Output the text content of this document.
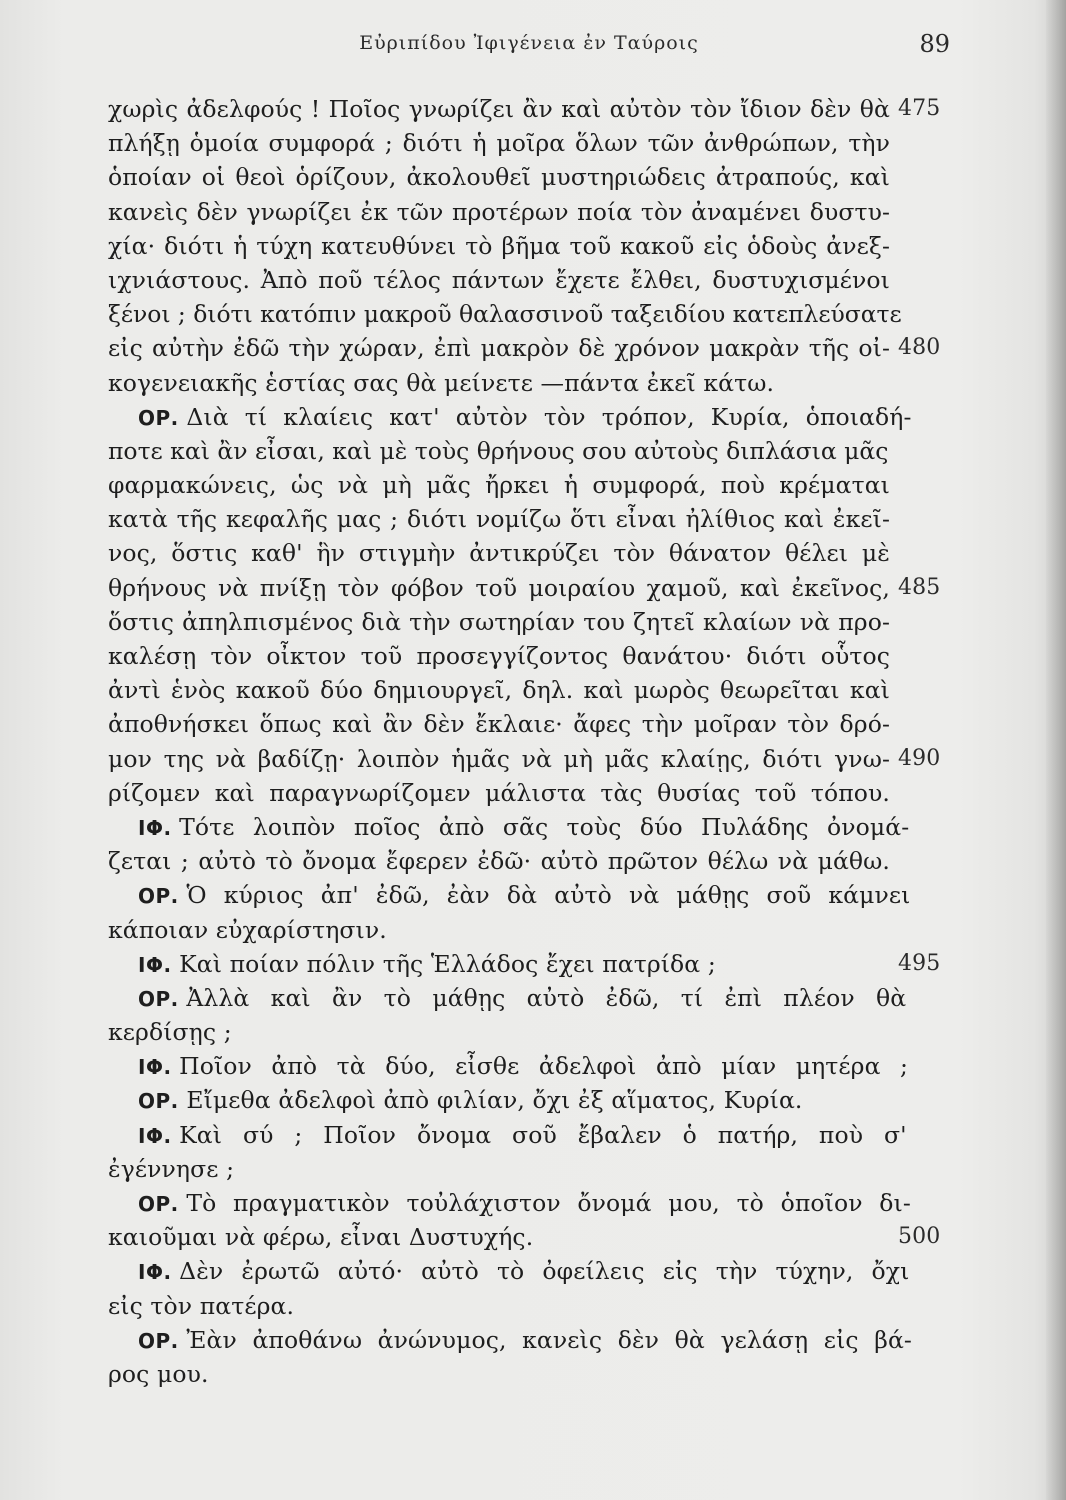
Εὐριπίδου Ἰφιγένεια ἐν Ταύροις	89
χωρὶς ἀδελφούς ! Ποῖος γνωρίζει ἂν καὶ αὐτὸν τὸν ἴδιον δὲν θὰ 475
πλήξῃ ὁμοία συμφορά ; διότι ἡ μοῖρα ὅλων τῶν ἀνθρώπων, τὴν
ὁποίαν οἱ θεοὶ ὁρίζουν, ἀκολουθεῖ μυστηριώδεις ἀτραπούς, καὶ
κανεὶς δὲν γνωρίζει ἐκ τῶν προτέρων ποία τὸν ἀναμένει δυστυ-
χία· διότι ἡ τύχη κατευθύνει τὸ βῆμα τοῦ κακοῦ εἰς ὁδοὺς ἀνεξ-
ιχνιάστους. Ἀπὸ ποῦ τέλος πάντων ἔχετε ἔλθει, δυστυχισμένοι
ξένοι ; διότι κατόπιν μακροῦ θαλασσινοῦ ταξειδίου κατεπλεύσατε
εἰς αὐτὴν ἐδῶ τὴν χώραν, ἐπὶ μακρὸν δὲ χρόνον μακρὰν τῆς οἰ- 480
κογενειακῆς ἑστίας σας θὰ μείνετε —πάντα ἐκεῖ κάτω.
ΟΡ. Διὰ τί κλαίεις κατ' αὐτὸν τὸν τρόπον, Κυρία, ὁποιαδή-
ποτε καὶ ἂν εἶσαι, καὶ μὲ τοὺς θρήνους σου αὐτοὺς διπλάσια μᾶς
φαρμακώνεις, ὡς νὰ μὴ μᾶς ἤρκει ἡ συμφορά, ποὺ κρέμαται
κατὰ τῆς κεφαλῆς μας ; διότι νομίζω ὅτι εἶναι ἠλίθιος καὶ ἐκεῖ-
νος, ὅστις καθ' ἣν στιγμὴν ἀντικρύζει τὸν θάνατον θέλει μὲ
θρήνους νὰ πνίξῃ τὸν φόβον τοῦ μοιραίου χαμοῦ, καὶ ἐκεῖνος, 485
ὅστις ἀπηλπισμένος διὰ τὴν σωτηρίαν του ζητεῖ κλαίων νὰ προ-
καλέσῃ τὸν οἶκτον τοῦ προσεγγίζοντος θανάτου· διότι οὗτος
ἀντὶ ἑνὸς κακοῦ δύο δημιουργεῖ, δηλ. καὶ μωρὸς θεωρεῖται καὶ
ἀποθνήσκει ὅπως καὶ ἂν δὲν ἔκλαιε· ἄφες τὴν μοῖραν τὸν δρό-
μον της νὰ βαδίζῃ· λοιπὸν ἡμᾶς νὰ μὴ μᾶς κλαίῃς, διότι γνω- 490
ρίζομεν καὶ παραγνωρίζομεν μάλιστα τὰς θυσίας τοῦ τόπου.
ΙΦ. Τότε λοιπὸν ποῖος ἀπὸ σᾶς τοὺς δύο Πυλάδης ὀνομά-
ζεται ; αὐτὸ τὸ ὄνομα ἔφερεν ἐδῶ· αὐτὸ πρῶτον θέλω νὰ μάθω.
ΟΡ. Ὁ κύριος ἀπ' ἐδῶ, ἐὰν δὰ αὐτὸ νὰ μάθῃς σοῦ κάμνει
κάποιαν εὐχαρίστησιν.
ΙΦ. Καὶ ποίαν πόλιν τῆς Ἑλλάδος ἔχει πατρίδα ;	495
ΟΡ. Ἀλλὰ καὶ ἂν τὸ μάθῃς αὐτὸ ἐδῶ, τί ἐπὶ πλέον θὰ
κερδίσῃς ;
ΙΦ. Ποῖον ἀπὸ τὰ δύο, εἶσθε ἀδελφοὶ ἀπὸ μίαν μητέρα ;
ΟΡ. Εἴμεθα ἀδελφοὶ ἀπὸ φιλίαν, ὄχι ἐξ αἵματος, Κυρία.
ΙΦ. Καὶ σύ ; Ποῖον ὄνομα σοῦ ἔβαλεν ὁ πατήρ, ποὺ σ'
ἐγέννησε ;
ΟΡ. Τὸ πραγματικὸν τοὐλάχιστον ὄνομά μου, τὸ ὁποῖον δι-
καιοῦμαι νὰ φέρω, εἶναι Δυστυχής.	500
ΙΦ. Δὲν ἐρωτῶ αὐτό· αὐτὸ τὸ ὀφείλεις εἰς τὴν τύχην, ὄχι
εἰς τὸν πατέρα.
ΟΡ. Ἐὰν ἀποθάνω ἀνώνυμος, κανεὶς δὲν θὰ γελάσῃ εἰς βά-
ρος μου.
